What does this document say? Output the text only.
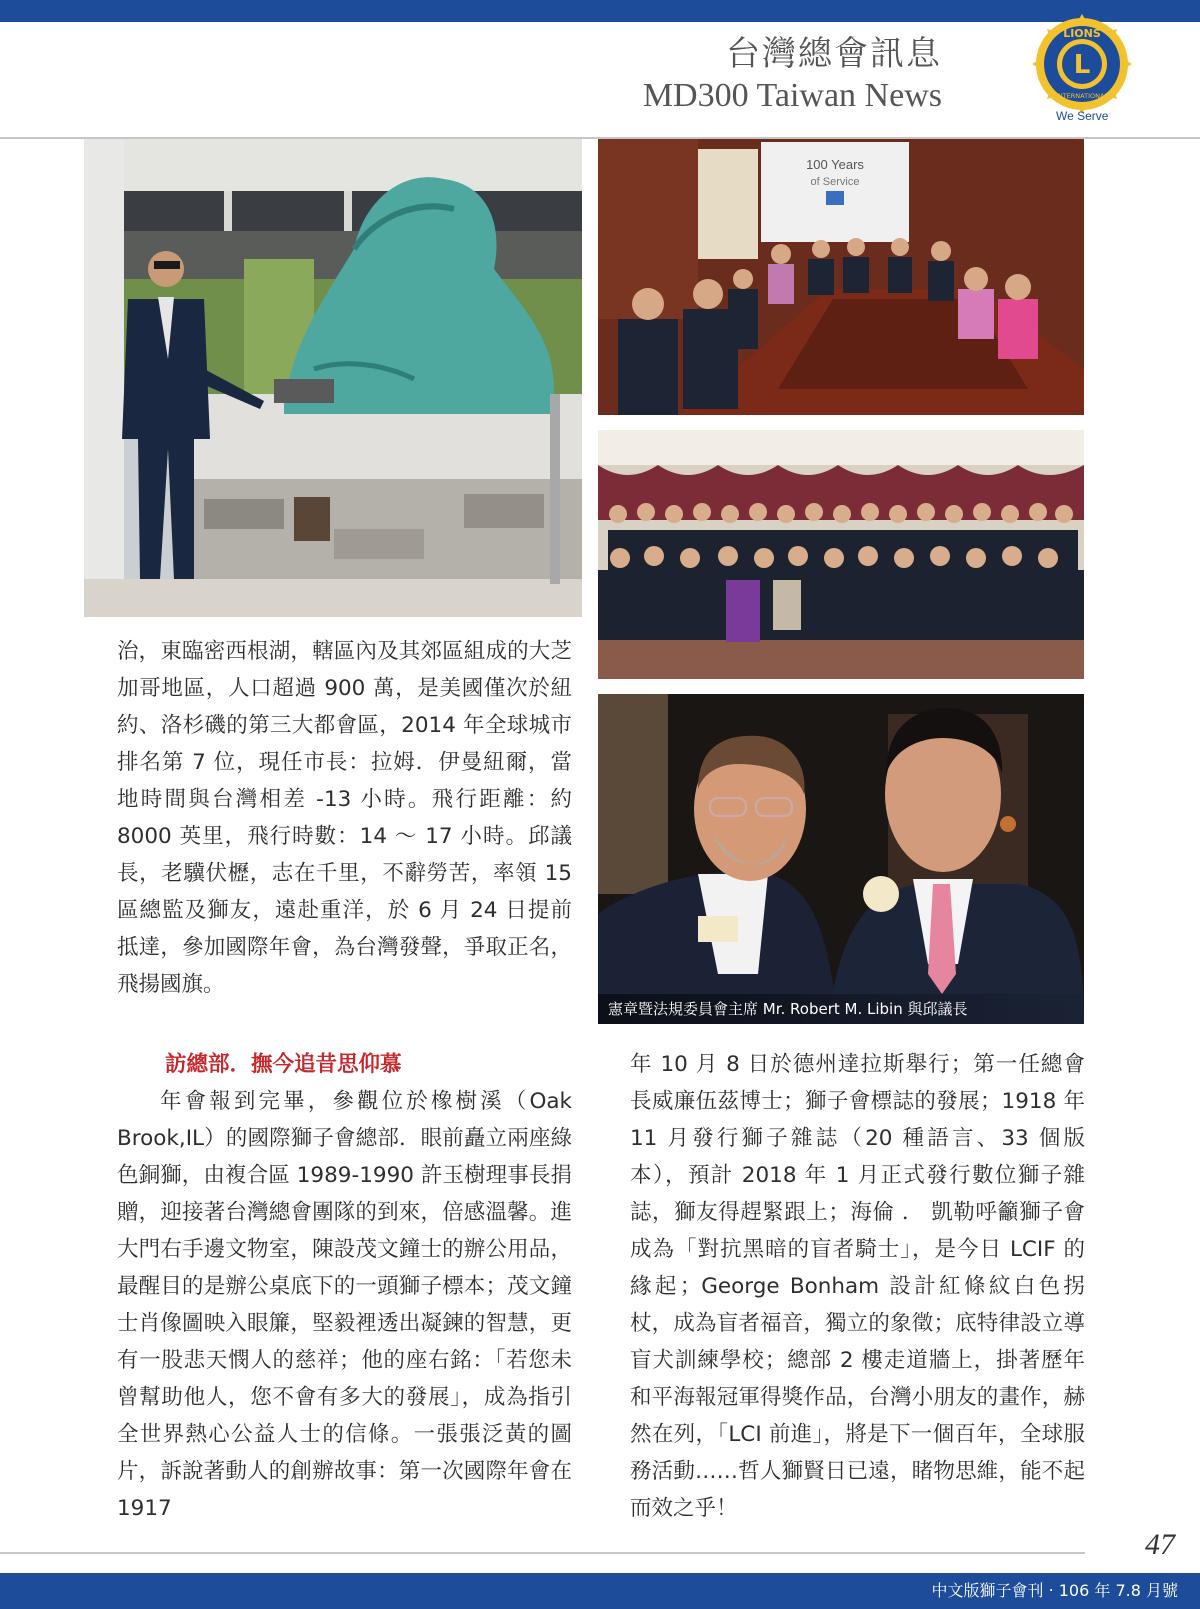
台灣總會訊息
MD300 Taiwan News
L
LIONS
INTERNATIONAL
We Serve
100 Years
of Service
憲章暨法規委員會主席 Mr. Robert M. Libin 與邱議長
治，東臨密西根湖，轄區內及其郊區組成的大芝加哥地區，人口超過 900 萬，是美國僅次於紐約、洛杉磯的第三大都會區，2014 年全球城市排名第 7 位，現任市長：拉姆．伊曼紐爾，當地時間與台灣相差 -13 小時。飛行距離：約 8000 英里，飛行時數：14 ～ 17 小時。邱議長，老驥伏櫪，志在千里，不辭勞苦，率領 15 區總監及獅友，遠赴重洋，於 6 月 24 日提前抵達，參加國際年會，為台灣發聲，爭取正名，飛揚國旗。
訪總部．撫今追昔思仰慕
年會報到完畢，參觀位於橡樹溪（Oak Brook,IL）的國際獅子會總部．眼前矗立兩座綠色銅獅，由複合區 1989-1990 許玉樹理事長捐贈，迎接著台灣總會團隊的到來，倍感溫馨。進大門右手邊文物室，陳設茂文鐘士的辦公用品，最醒目的是辦公桌底下的一頭獅子標本；茂文鐘士肖像圖映入眼簾，堅毅裡透出凝鍊的智慧，更有一股悲天憫人的慈祥；他的座右銘：「若您未曾幫助他人，您不會有多大的發展」，成為指引全世界熱心公益人士的信條。一張張泛黃的圖片，訴說著動人的創辦故事：第一次國際年會在 1917
年 10 月 8 日於德州達拉斯舉行；第一任總會長威廉伍茲博士；獅子會標誌的發展；1918 年 11 月發行獅子雜誌（20 種語言、33 個版本），預計 2018 年 1 月正式發行數位獅子雜誌，獅友得趕緊跟上；海倫 ． 凱勒呼籲獅子會成為「對抗黑暗的盲者騎士」，是今日 LCIF 的緣起；George Bonham 設計紅條紋白色拐杖，成為盲者福音，獨立的象徵；底特律設立導盲犬訓練學校；總部 2 樓走道牆上，掛著歷年和平海報冠軍得獎作品，台灣小朋友的畫作，赫然在列，「LCI 前進」，將是下一個百年，全球服務活動……哲人獅賢日已遠，睹物思維，能不起而效之乎！
47
中文版獅子會刊 ‧ 106 年 7.8 月號
